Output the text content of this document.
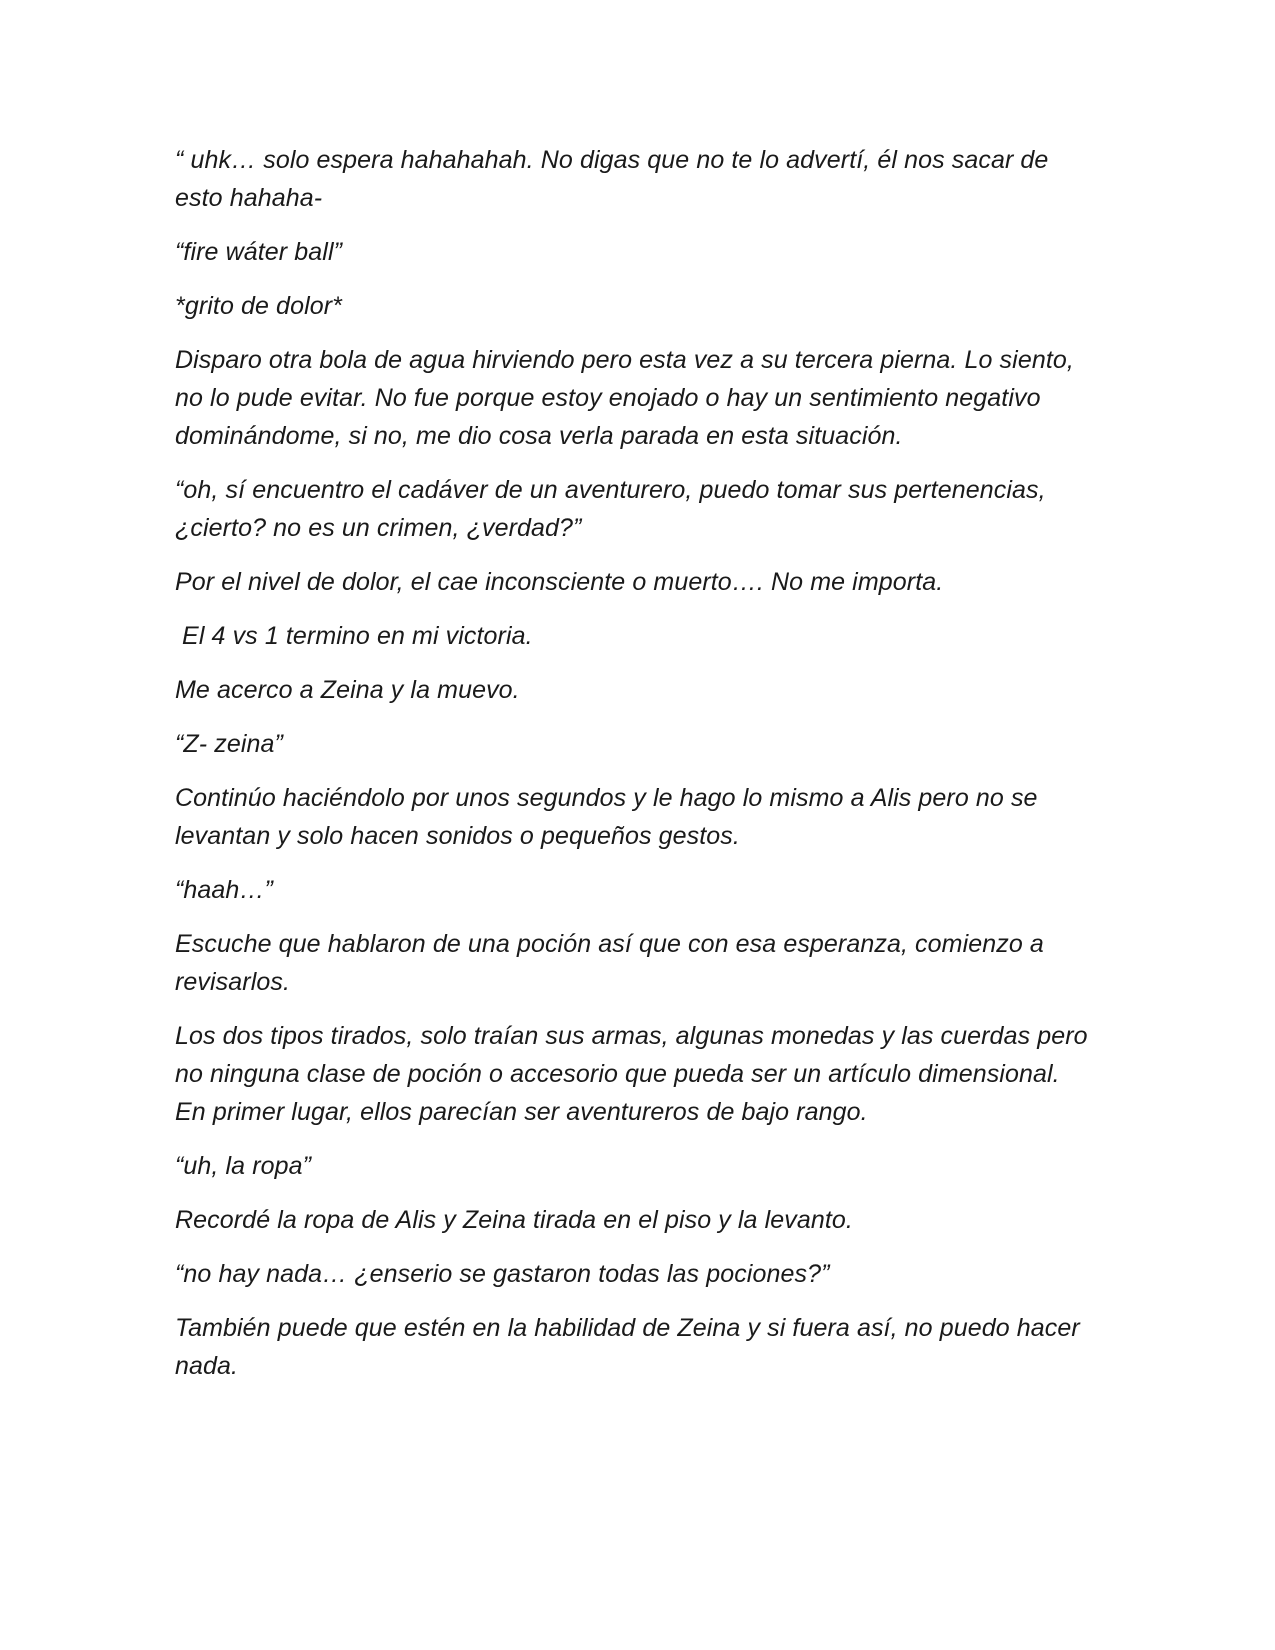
“ uhk… solo espera hahahahah. No digas que no te lo advertí, él nos sacar de esto hahaha-

“fire wáter ball”

*grito de dolor*

Disparo otra bola de agua hirviendo pero esta vez a su tercera pierna. Lo siento, no lo pude evitar. No fue porque estoy enojado o hay un sentimiento negativo dominándome, si no, me dio cosa verla parada en esta situación.

“oh, sí encuentro el cadáver de un aventurero, puedo tomar sus pertenencias, ¿cierto? no es un crimen, ¿verdad?”

Por el nivel de dolor, el cae inconsciente o muerto…. No me importa.

El 4 vs 1 termino en mi victoria.

Me acerco a Zeina y la muevo.

“Z- zeina”

Continúo haciéndolo por unos segundos y le hago lo mismo a Alis pero no se levantan y solo hacen sonidos o pequeños gestos.

“haah…”

Escuche que hablaron de una poción así que con esa esperanza, comienzo a revisarlos.

Los dos tipos tirados, solo traían sus armas, algunas monedas y las cuerdas pero no ninguna clase de poción o accesorio que pueda ser un artículo dimensional. En primer lugar, ellos parecían ser aventureros de bajo rango.

“uh, la ropa”

Recordé la ropa de Alis y Zeina tirada en el piso y la levanto.

“no hay nada… ¿enserio se gastaron todas las pociones?”

También puede que estén en la habilidad de Zeina y si fuera así, no puedo hacer nada.
